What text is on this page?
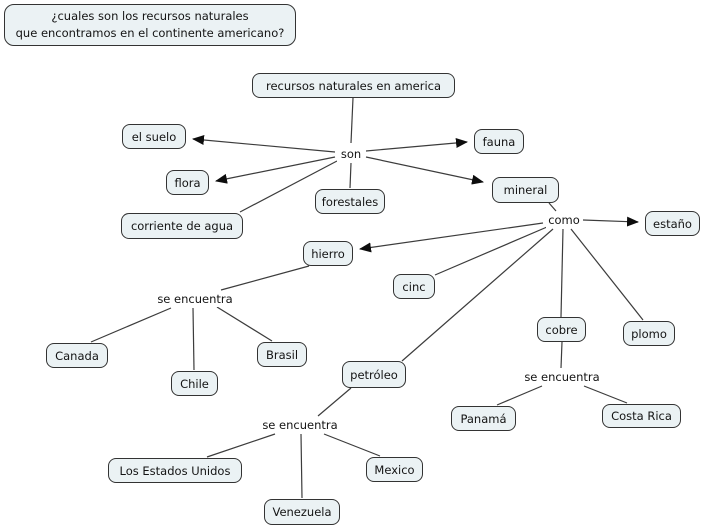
recursos naturales en america
el suelo
flora
corriente de agua
forestales
fauna
mineral
estaño
hierro
cinc
cobre	plomo
petróleo
Canada
Chile
Brasil
Los Estados Unidos
Venezuela
Mexico
Panamá	Costa Rica
son
como
se encuentra
se encuentra
se encuentra
¿cuales son los recursos naturales
que encontramos en el continente americano?
